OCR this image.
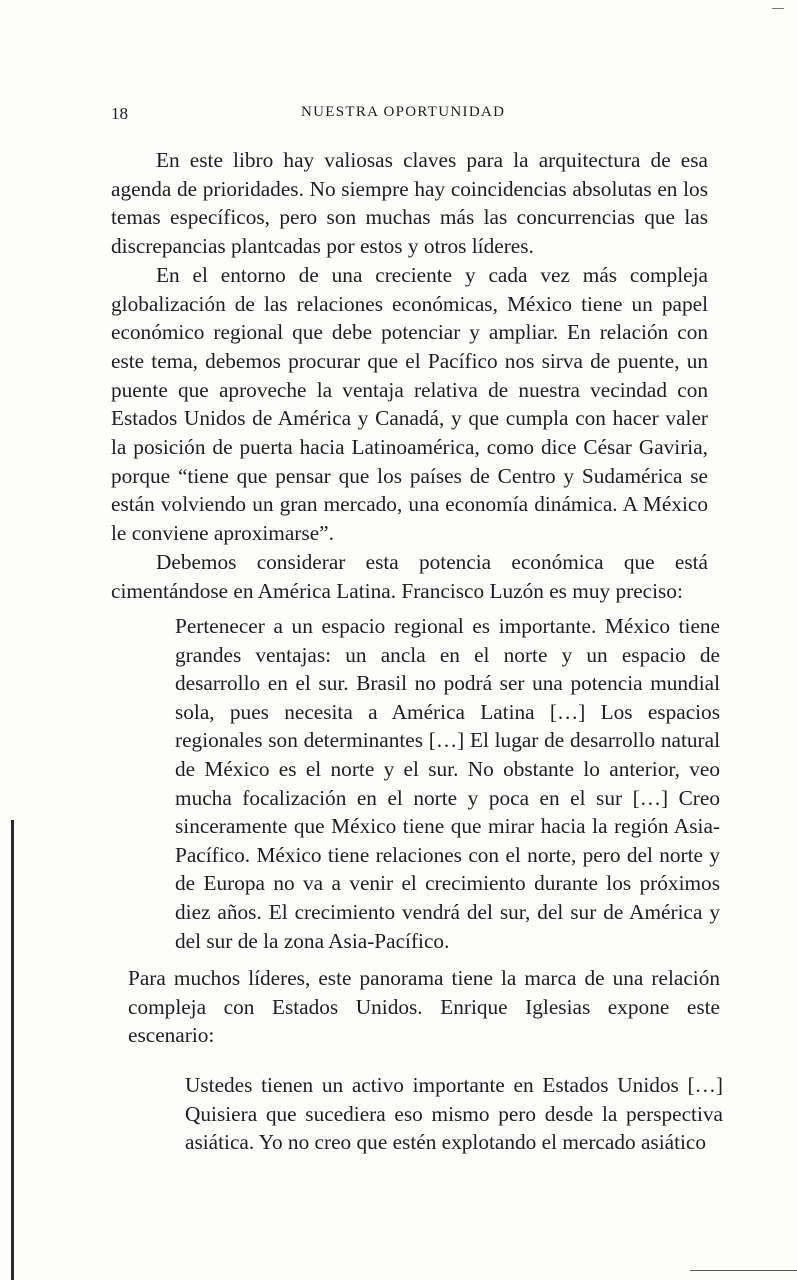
18	NUESTRA OPORTUNIDAD

En este libro hay valiosas claves para la arquitectura de esa agenda de prioridades. No siempre hay coincidencias absolutas en los temas específicos, pero son muchas más las concurrencias que las discrepancias plantcadas por estos y otros líderes.

En el entorno de una creciente y cada vez más compleja globalización de las relaciones económicas, México tiene un papel económico regional que debe potenciar y ampliar. En relación con este tema, debemos procurar que el Pacífico nos sirva de puente, un puente que aproveche la ventaja relativa de nuestra vecindad con Estados Unidos de América y Canadá, y que cumpla con hacer valer la posición de puerta hacia Latinoamérica, como dice César Gaviria, porque “tiene que pensar que los países de Centro y Sudamérica se están volviendo un gran mercado, una economía dinámica. A México le conviene aproximarse”.

Debemos considerar esta potencia económica que está cimentándose en América Latina. Francisco Luzón es muy preciso:

Pertenecer a un espacio regional es importante. México tiene grandes ventajas: un ancla en el norte y un espacio de desarrollo en el sur. Brasil no podrá ser una potencia mundial sola, pues necesita a América Latina […] Los espacios regionales son determinantes […] El lugar de desarrollo natural de México es el norte y el sur. No obstante lo anterior, veo mucha focalización en el norte y poca en el sur […] Creo sinceramente que México tiene que mirar hacia la región Asia-Pacífico. México tiene relaciones con el norte, pero del norte y de Europa no va a venir el crecimiento durante los próximos diez años. El crecimiento vendrá del sur, del sur de América y del sur de la zona Asia-Pacífico.

Para muchos líderes, este panorama tiene la marca de una relación compleja con Estados Unidos. Enrique Iglesias expone este escenario:

Ustedes tienen un activo importante en Estados Unidos […] Quisiera que sucediera eso mismo pero desde la perspectiva asiática. Yo no creo que estén explotando el mercado asiático
